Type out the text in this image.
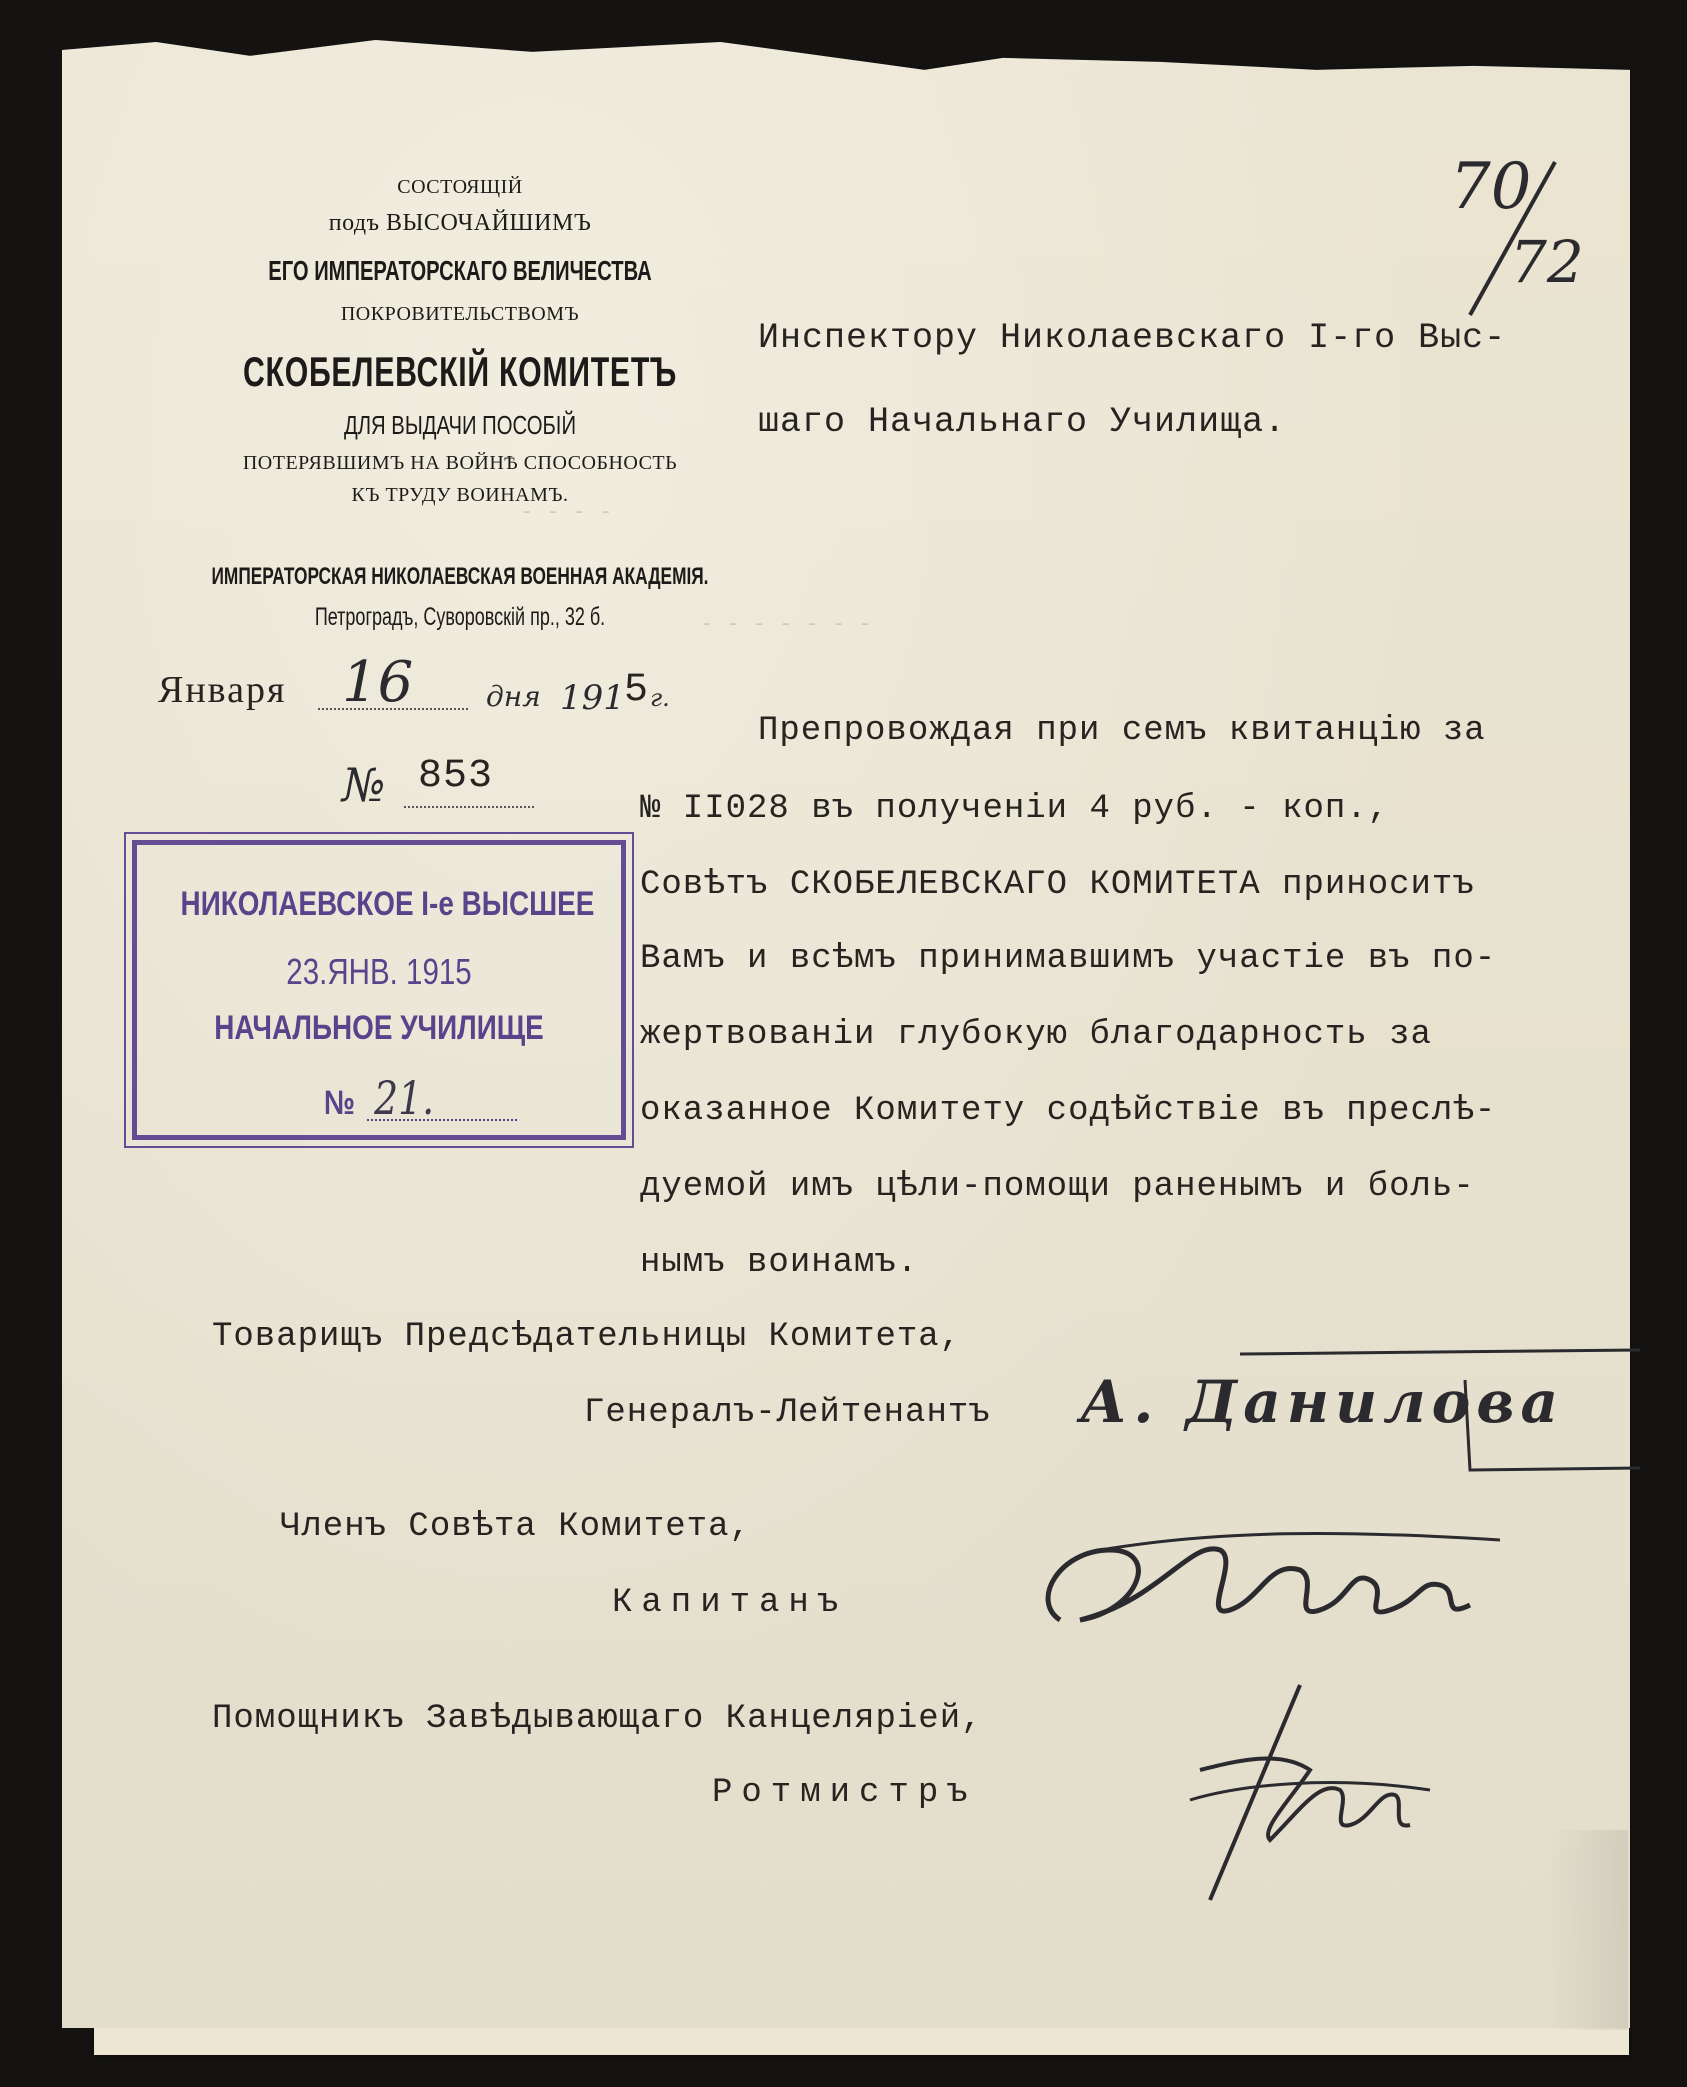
СОСТОЯЩІЙ
подъ ВЫСОЧАЙШИМЪ
ЕГО ИМПЕРАТОРСКАГО ВЕЛИЧЕСТВА
ПОКРОВИТЕЛЬСТВОМЪ
СКОБЕЛЕВСКІЙ КОМИТЕТЪ
ДЛЯ ВЫДАЧИ ПОСОБІЙ
ПОТЕРЯВШИМЪ НА ВОЙНѢ СПОСОБНОСТЬ
КЪ ТРУДУ ВОИНАМЪ.
ИМПЕРАТОРСКАЯ НИКОЛАЕВСКАЯ ВОЕННАЯ АКАДЕМІЯ.
Петроградъ, Суворовскій пр., 32 б.
- - - -
- - - - - - -
Января 16	дня 191 5 г.
№ 853
70
72
Инспектору Николаевскаго I-го Выс-
шаго Начальнаго Училища.
Препровождая при семъ квитанцію за
№ II028 въ полученіи 4 руб. - коп.,
Совѣтъ СКОБЕЛЕВСКАГО КОМИТЕТА приноситъ
Вамъ и всѣмъ принимавшимъ участіе въ по-
жертвованіи глубокую благодарность за
оказанное Комитету содѣйствіе въ преслѣ-
дуемой имъ цѣли-помощи раненымъ и боль-
нымъ воинамъ.
НИКОЛАЕВСКОЕ I-е ВЫСШЕЕ
23.ЯНВ. 1915
НАЧАЛЬНОЕ УЧИЛИЩЕ
№ 21.
Товарищъ Предсѣдательницы Комитета,
Генералъ-Лейтенантъ А. Данилова
Членъ Совѣта Комитета,
Капитанъ
Помощникъ Завѣдывающаго Канцеляріей,
Ротмистръ
